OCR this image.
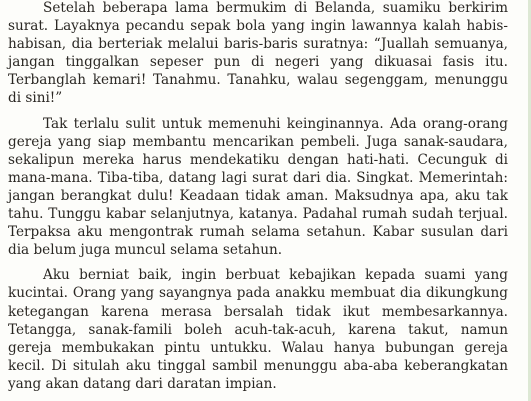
Setelah beberapa lama bermukim di Belanda, suamiku berkirim surat. Layaknya pecandu sepak bola yang ingin lawannya kalah habis-habisan, dia berteriak melalui baris-baris suratnya: “Juallah semuanya, jangan tinggalkan sepeser pun di negeri yang dikuasai fasis itu. Terbanglah kemari! Tanahmu. Tanahku, walau segenggam, menunggu di sini!”

Tak terlalu sulit untuk memenuhi keinginannya. Ada orang-orang gereja yang siap membantu mencarikan pembeli. Juga sanak-saudara, sekalipun mereka harus mendekatiku dengan hati-hati. Cecunguk di mana-mana. Tiba-tiba, datang lagi surat dari dia. Singkat. Memerintah: jangan berangkat dulu! Keadaan tidak aman. Maksudnya apa, aku tak tahu. Tunggu kabar selanjutnya, katanya. Padahal rumah sudah terjual. Terpaksa aku mengontrak rumah selama setahun. Kabar susulan dari dia belum juga muncul selama setahun.

Aku berniat baik, ingin berbuat kebajikan kepada suami yang kucintai. Orang yang sayangnya pada anakku membuat dia dikungkung ketegangan karena merasa bersalah tidak ikut membesarkannya. Tetangga, sanak-famili boleh acuh-tak-acuh, karena takut, namun gereja membukakan pintu untukku. Walau hanya bubungan gereja kecil. Di situlah aku tinggal sambil menunggu aba-aba keberangkatan yang akan datang dari daratan impian.
